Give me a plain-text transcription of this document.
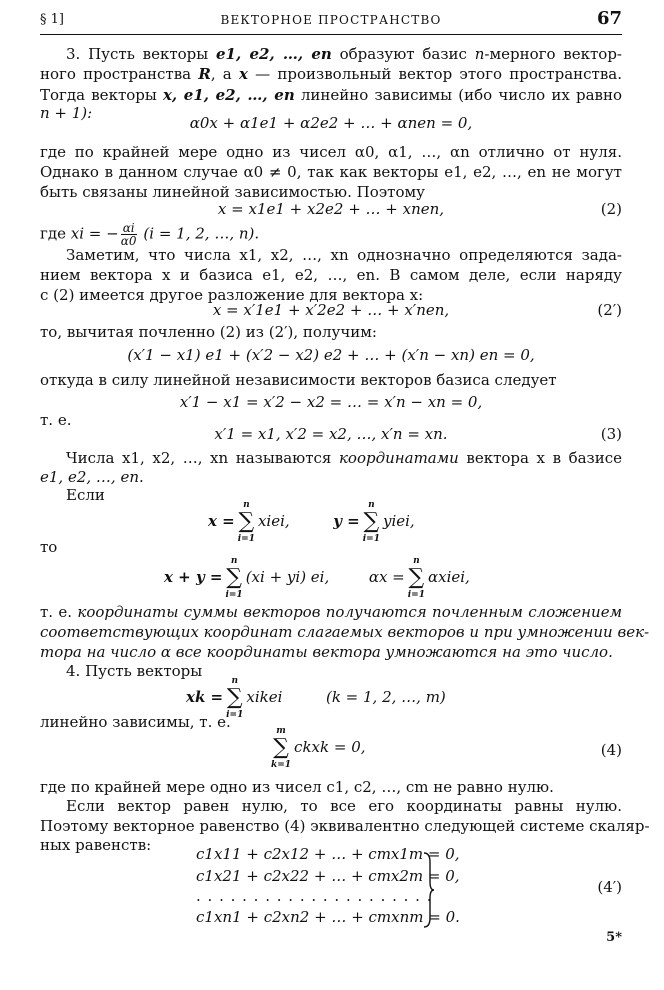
§ 1]	ВЕКТОРНОЕ ПРОСТРАНСТВО	67
3. Пусть векторы e1, e2, …, en образуют базис n-мерного вектор-
ного пространства R, а x — произвольный вектор этого пространства.
Тогда векторы x, e1, e2, …, en линейно зависимы (ибо число их равно
n + 1):
α0x + α1e1 + α2e2 + … + αnen = 0,
где по крайней мере одно из чисел α0, α1, …, αn отлично от нуля.
Однако в данном случае α0 ≠ 0, так как векторы e1, e2, …, en не могут
быть связаны линейной зависимостью. Поэтому
x = x1e1 + x2e2 + … + xnen,	(2)
где xi = − $\frac{\alpha i}{\alpha 0} (i = 1$, 2, …, n).
Заметим, что числа x1, x2, …, xn однозначно определяются зада-
нием вектора x и базиса e1, e2, …, en. В самом деле, если наряду
с (2) имеется другое разложение для вектора x:
x = x′1e1 + x′2e2 + … + x′nen,	(2′)
то, вычитая почленно (2) из (2′), получим:
(x′1 − x1) e1 + (x′2 − x2) e2 + … + (x′n − xn) en = 0,
откуда в силу линейной независимости векторов базиса следует
x′1 − x1 = x′2 − x2 = … = x′n − xn = 0,
т. е.
x′1 = x1, x′2 = x2, …, x′n = xn.	(3)
Числа x1, x2, …, xn называются координатами вектора x в базисе
e1, e2, …, en.
Если
x =
n
∑
i=1
xiei,	y =
n
∑
i=1
yiei,
то
x + y =
n
∑
i=1
(xi + yi) ei,	αx =
n
∑
i=1
αxiei,
т. е. координаты суммы векторов получаются почленным сложением
соответствующих координат слагаемых векторов и при умножении век-
тора на число α все координаты вектора умножаются на это число.
4. Пусть векторы
xk =
n
∑
i=1
xikei	(k = 1, 2, …, m)
линейно зависимы, т. е.	m
∑
k=1
ckxk = 0,	(4)
где по крайней мере одно из чисел c1, c2, …, cm не равно нулю.
Если вектор равен нулю, то все его координаты равны нулю.
Поэтому векторное равенство (4) эквивалентно следующей системе скаляр-
ных равенств:	c1x11 + c2x12 + … + cmx1m = 0,
c1x21 + c2x22 + … + cmx2m = 0,
. . . . . . . . . . . . . . . . . . . . .
c1xn1 + c2xn2 + … + cmxnm = 0.
(4′)
5*
